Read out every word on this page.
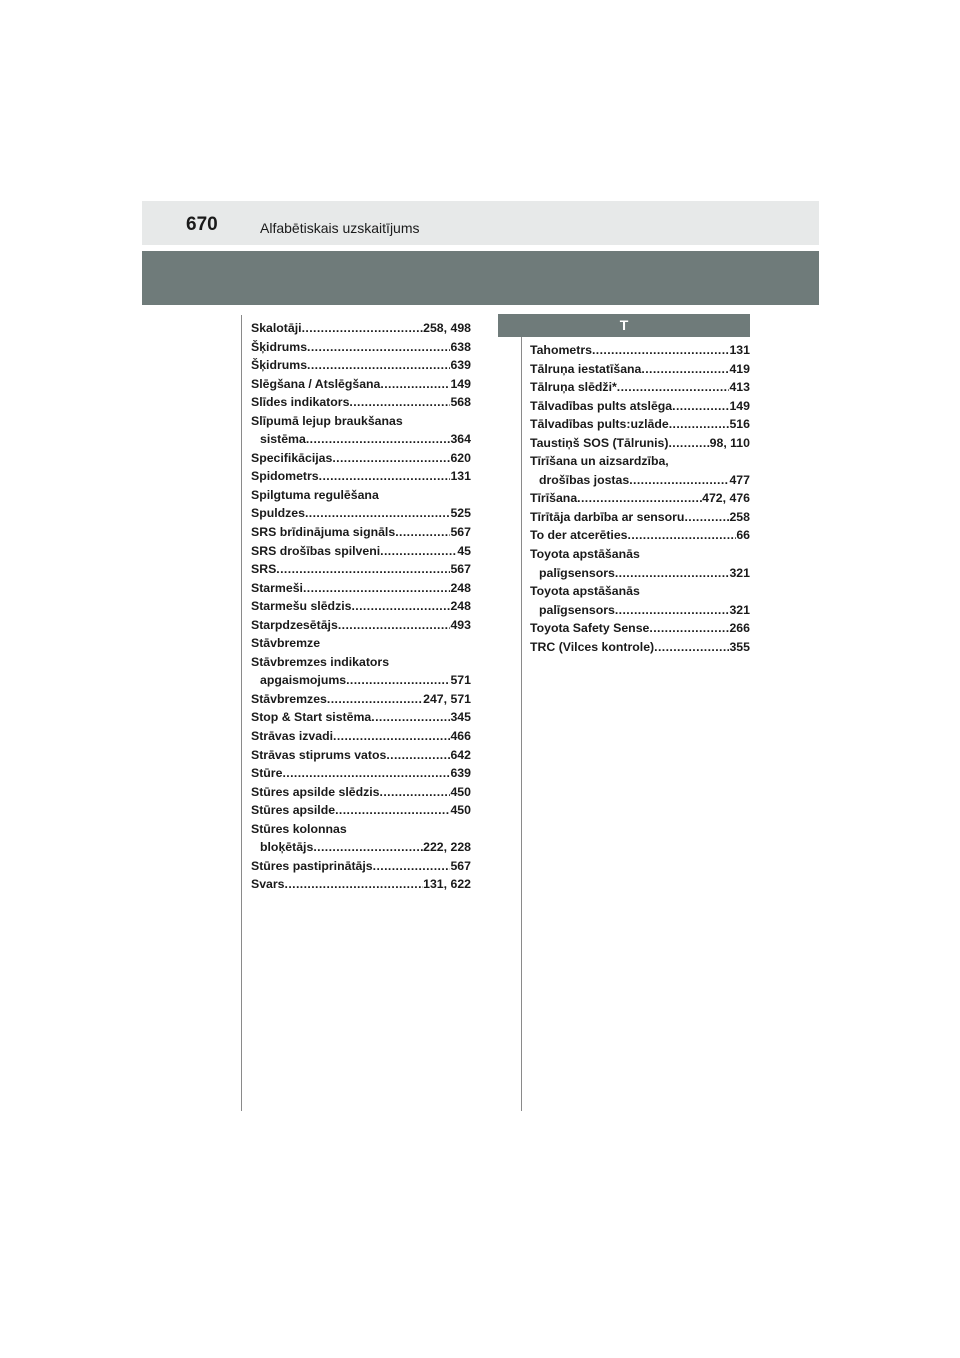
670	Alfabētiskais uzskaitījums
T
Skalotāji .....	258, 498
Šķidrums .....	638
Šķidrums .....	639
Slēgšana / Atslēgšana .....	149
Slīdes indikators .....	568
Slīpumā lejup braukšanas
sistēma .....	364
Specifikācijas .....	620
Spidometrs .....	131
Spilgtuma regulēšana
Spuldzes .....	525
SRS brīdinājuma signāls .....	567
SRS drošības spilveni .....	45
SRS .....	567
Starmeši .....	248
Starmešu slēdzis .....	248
Starpdzesētājs .....	493
Stāvbremze
Stāvbremzes indikators
apgaismojums .....	571
Stāvbremzes .....	247, 571
Stop & Start sistēma .....	345
Strāvas izvadi .....	466
Strāvas stiprums vatos .....	642
Stūre .....	639
Stūres apsilde slēdzis .....	450
Stūres apsilde .....	450
Stūres kolonnas
bloķētājs .....	222, 228
Stūres pastiprinātājs .....	567
Svars .....	131, 622
Tahometrs .....	131
Tālruņa iestatīšana .....	419
Tālruņa slēdži* .....	413
Tālvadības pults atslēga .....	149
Tālvadības pults:uzlāde .....	516
Taustiņš SOS (Tālrunis) .....	98, 110
Tīrīšana un aizsardzība,
drošības jostas .....	477
Tīrīšana .....	472, 476
Tīrītāja darbība ar sensoru .....	258
To der atcerēties .....	66
Toyota apstāšanās
palīgsensors .....	321
Toyota apstāšanās
palīgsensors .....	321
Toyota Safety Sense .....	266
TRC (Vilces kontrole) .....	355
